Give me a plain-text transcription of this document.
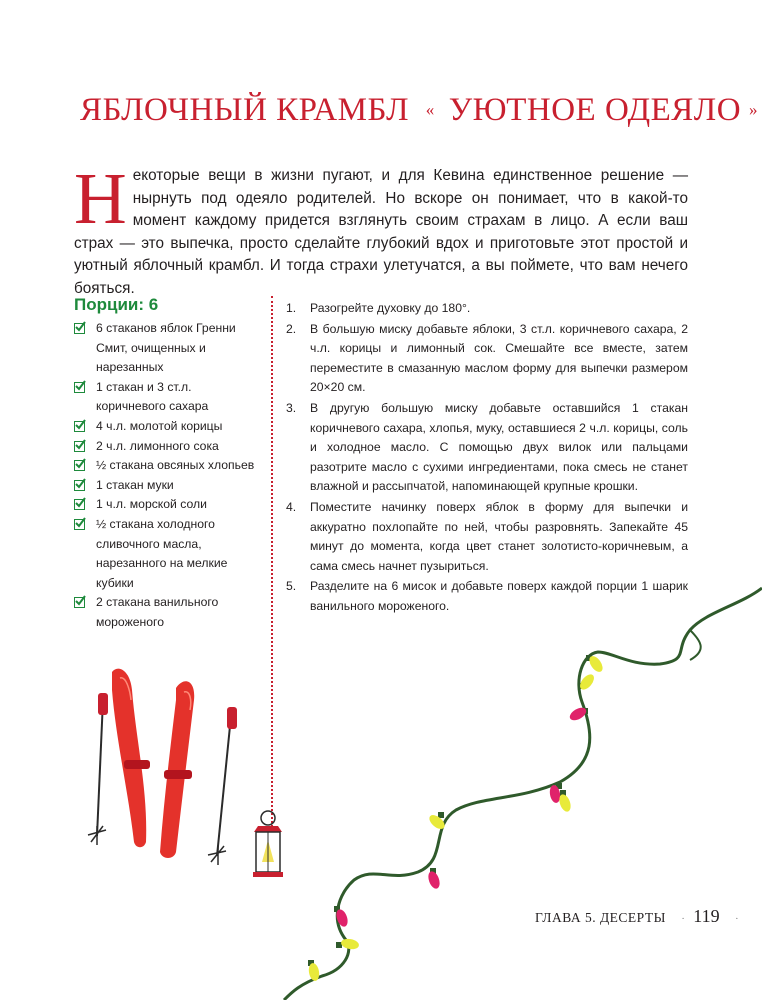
ЯБЛОЧНЫЙ КРАМБЛ « УЮТНОЕ ОДЕЯЛО »
Н екоторые вещи в жизни пугают, и для Кевина единственное решение — нырнуть под одеяло родителей. Но вскоре он понимает, что в какой-то момент каждому придется взглянуть своим страхам в лицо. А если ваш страх — это выпечка, просто сделайте глубокий вдох и приготовьте этот простой и уютный яблочный крамбл. И тогда страхи улетучатся, а вы поймете, что вам нечего бояться.
Порции: 6
6 стаканов яблок Гренни Смит, очищенных и нарезанных
1 стакан и 3 ст.л. коричневого сахара
4 ч.л. молотой корицы
2 ч.л. лимонного сока
½ стакана овсяных хлопьев
1 стакан муки
1 ч.л. морской соли
½ стакана холодного сливочного масла, нарезанного на мелкие кубики
2 стакана ванильного мороженого
1. Разогрейте духовку до 180°.
2. В большую миску добавьте яблоки, 3 ст.л. коричневого сахара, 2 ч.л. корицы и лимонный сок. Смешайте все вместе, затем переместите в смазанную маслом форму для выпечки размером 20×20 см.
3. В другую большую миску добавьте оставшийся 1 стакан коричневого сахара, хлопья, муку, оставшиеся 2 ч.л. корицы, соль и холодное масло. С помощью двух вилок или пальцами разотрите масло с сухими ингредиентами, пока смесь не станет влажной и рассыпчатой, напоминающей крупные крошки.
4. Поместите начинку поверх яблок в форму для выпечки и аккуратно похлопайте по ней, чтобы разровнять. Запекайте 45 минут до момента, когда цвет станет золотисто-коричневым, а сама смесь начнет пузыриться.
5. Разделите на 6 мисок и добавьте поверх каждой порции 1 шарик ванильного мороженого.
ГЛАВА 5. ДЕСЕРТЫ · 119 ·
